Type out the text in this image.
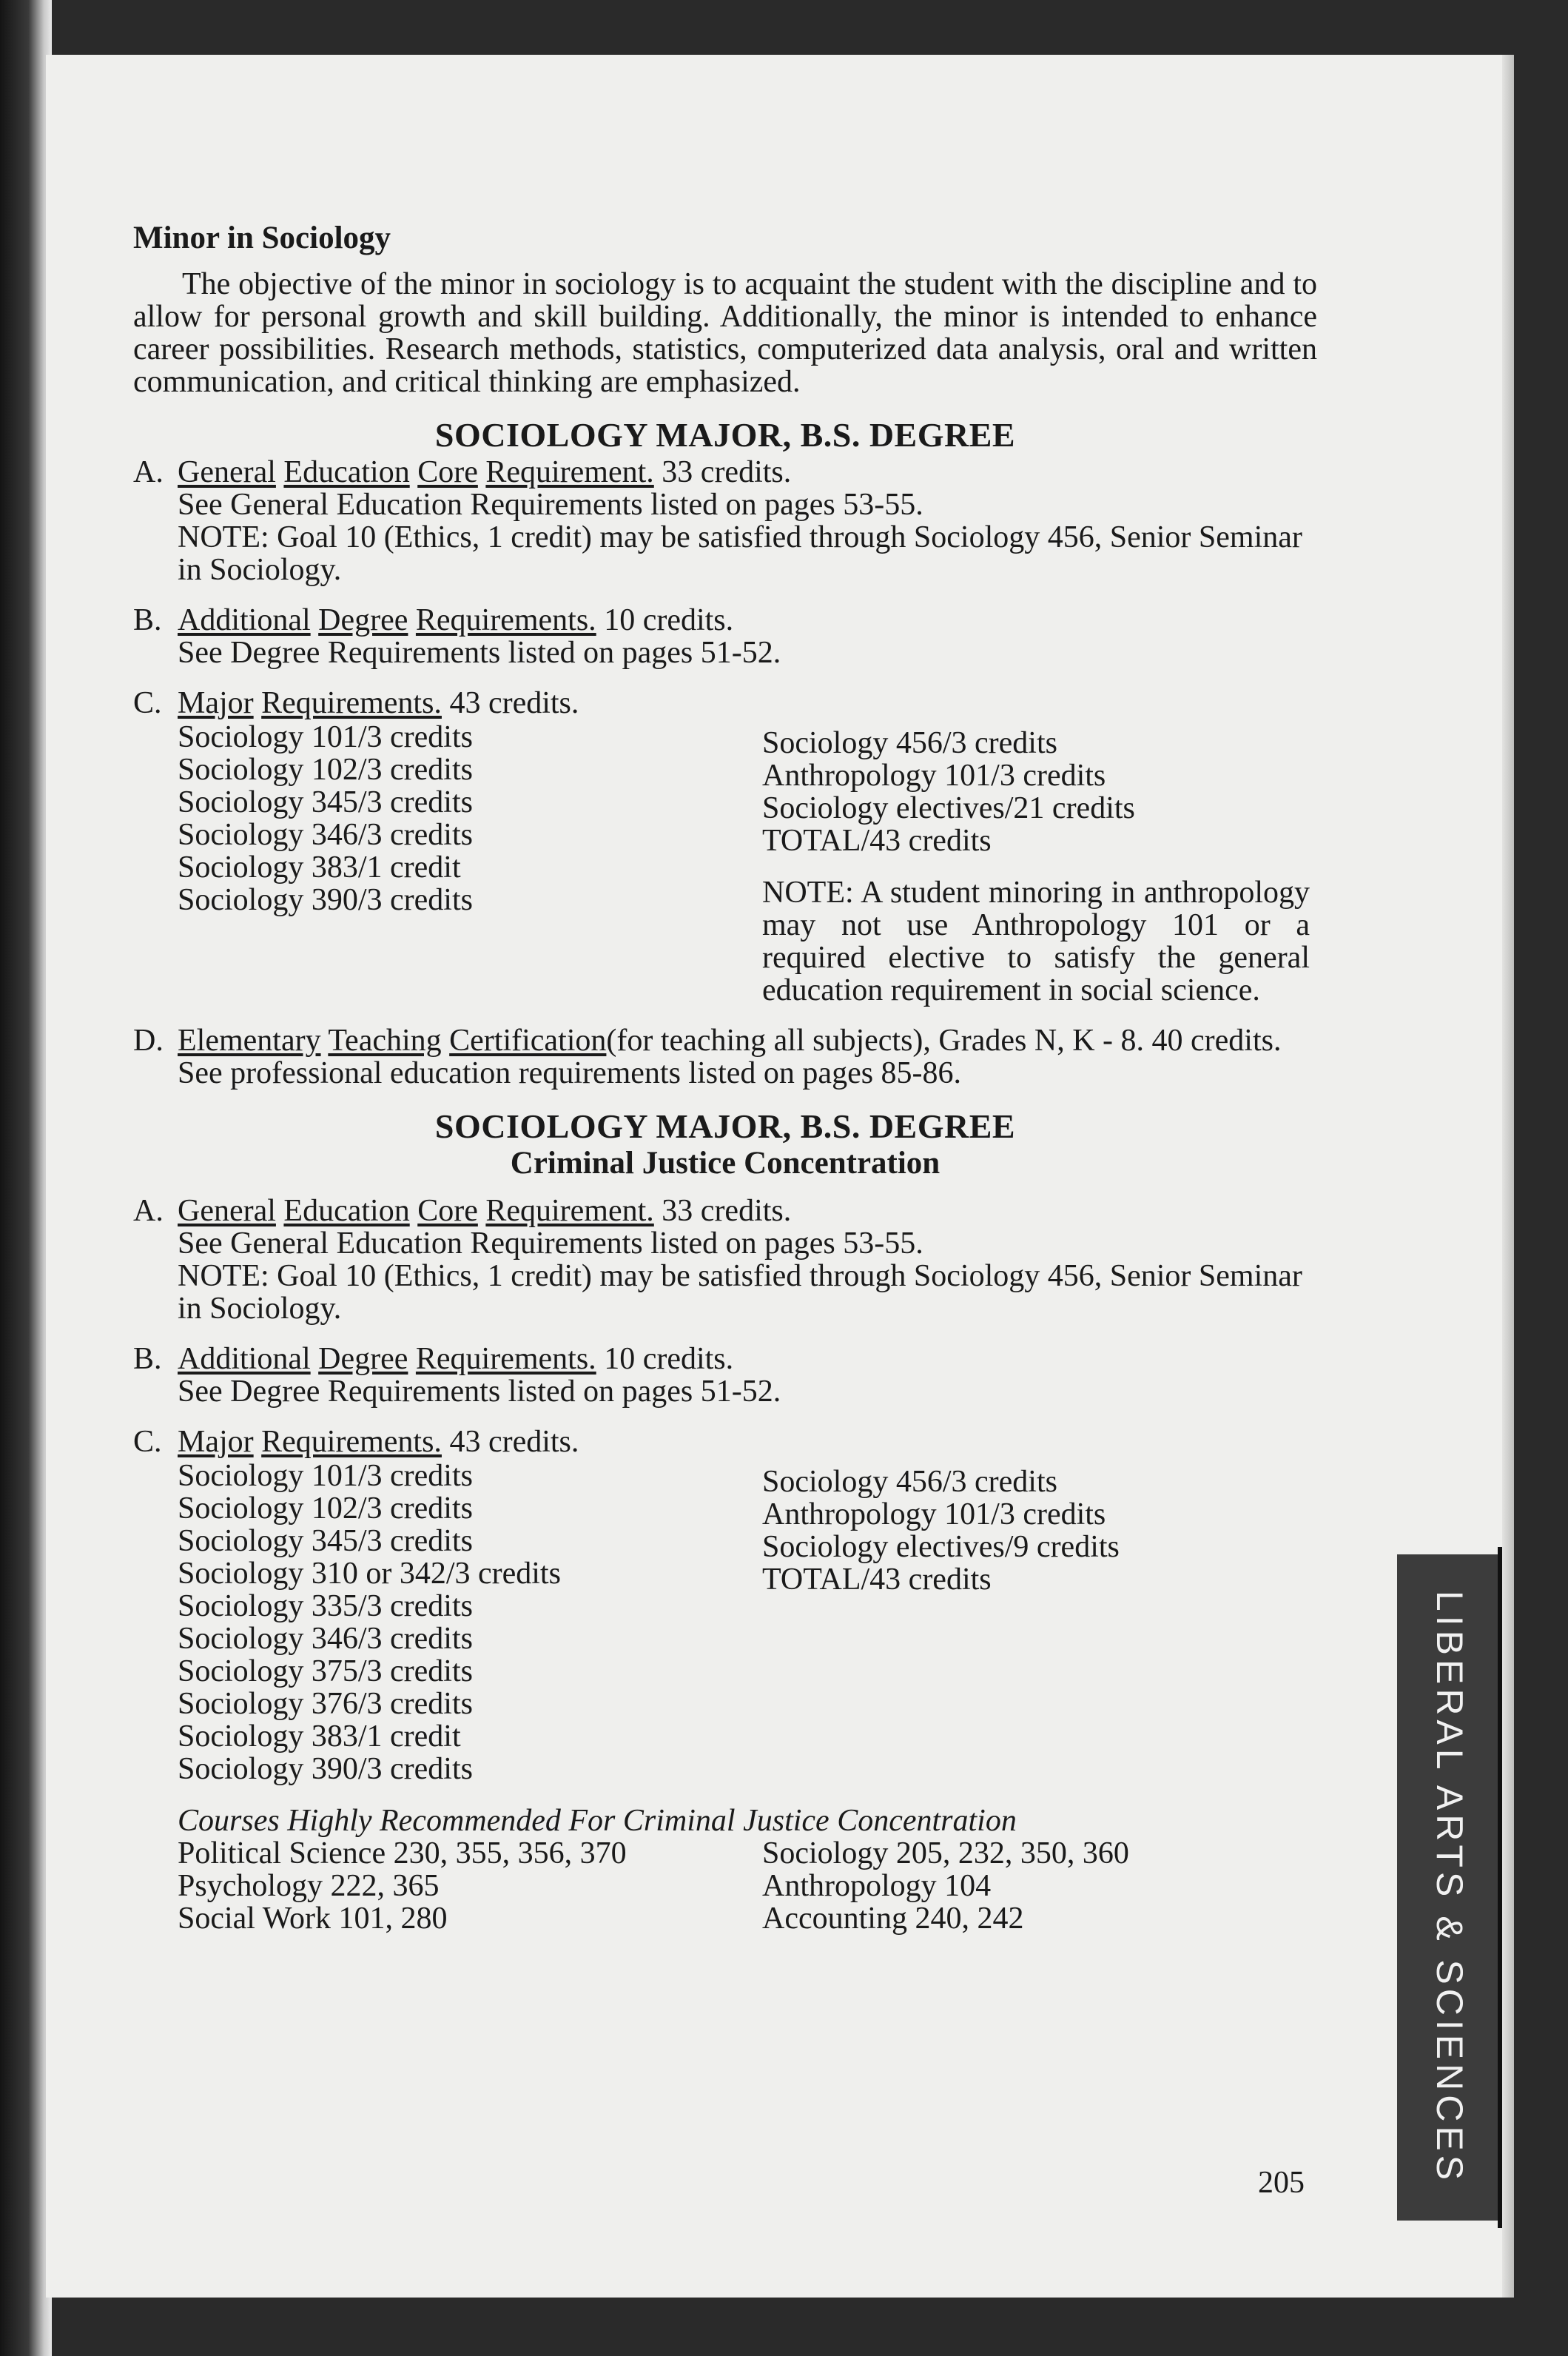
Minor in Sociology

The objective of the minor in sociology is to acquaint the student with the discipline and to allow for personal growth and skill building. Additionally, the minor is intended to enhance career possibilities. Research methods, statistics, computerized data analysis, oral and written communication, and critical thinking are emphasized.

SOCIOLOGY MAJOR, B.S. DEGREE
A. General Education Core Requirement. 33 credits.
See General Education Requirements listed on pages 53-55.
NOTE: Goal 10 (Ethics, 1 credit) may be satisfied through Sociology 456, Senior Seminar in Sociology.
B. Additional Degree Requirements. 10 credits.
See Degree Requirements listed on pages 51-52.
C. Major Requirements. 43 credits.
Sociology 101/3 credits
Sociology 102/3 credits
Sociology 345/3 credits
Sociology 346/3 credits
Sociology 383/1 credit
Sociology 390/3 credits
Sociology 456/3 credits
Anthropology 101/3 credits
Sociology electives/21 credits
TOTAL/43 credits
NOTE: A student minoring in anthropology may not use Anthropology 101 or a required elective to satisfy the general education requirement in social science.
D. Elementary Teaching Certification(for teaching all subjects), Grades N, K - 8. 40 credits.
See professional education requirements listed on pages 85-86.
SOCIOLOGY MAJOR, B.S. DEGREE
Criminal Justice Concentration
A. General Education Core Requirement. 33 credits.
See General Education Requirements listed on pages 53-55.
NOTE: Goal 10 (Ethics, 1 credit) may be satisfied through Sociology 456, Senior Seminar in Sociology.
B. Additional Degree Requirements. 10 credits.
See Degree Requirements listed on pages 51-52.
C. Major Requirements. 43 credits.
Sociology 101/3 credits
Sociology 102/3 credits
Sociology 345/3 credits
Sociology 310 or 342/3 credits
Sociology 335/3 credits
Sociology 346/3 credits
Sociology 375/3 credits
Sociology 376/3 credits
Sociology 383/1 credit
Sociology 390/3 credits
Sociology 456/3 credits
Anthropology 101/3 credits
Sociology electives/9 credits
TOTAL/43 credits
Courses Highly Recommended For Criminal Justice Concentration
Political Science 230, 355, 356, 370
Psychology 222, 365
Social Work 101, 280
Sociology 205, 232, 350, 360
Anthropology 104
Accounting 240, 242	LIBERAL ARTS & SCIENCES
205
